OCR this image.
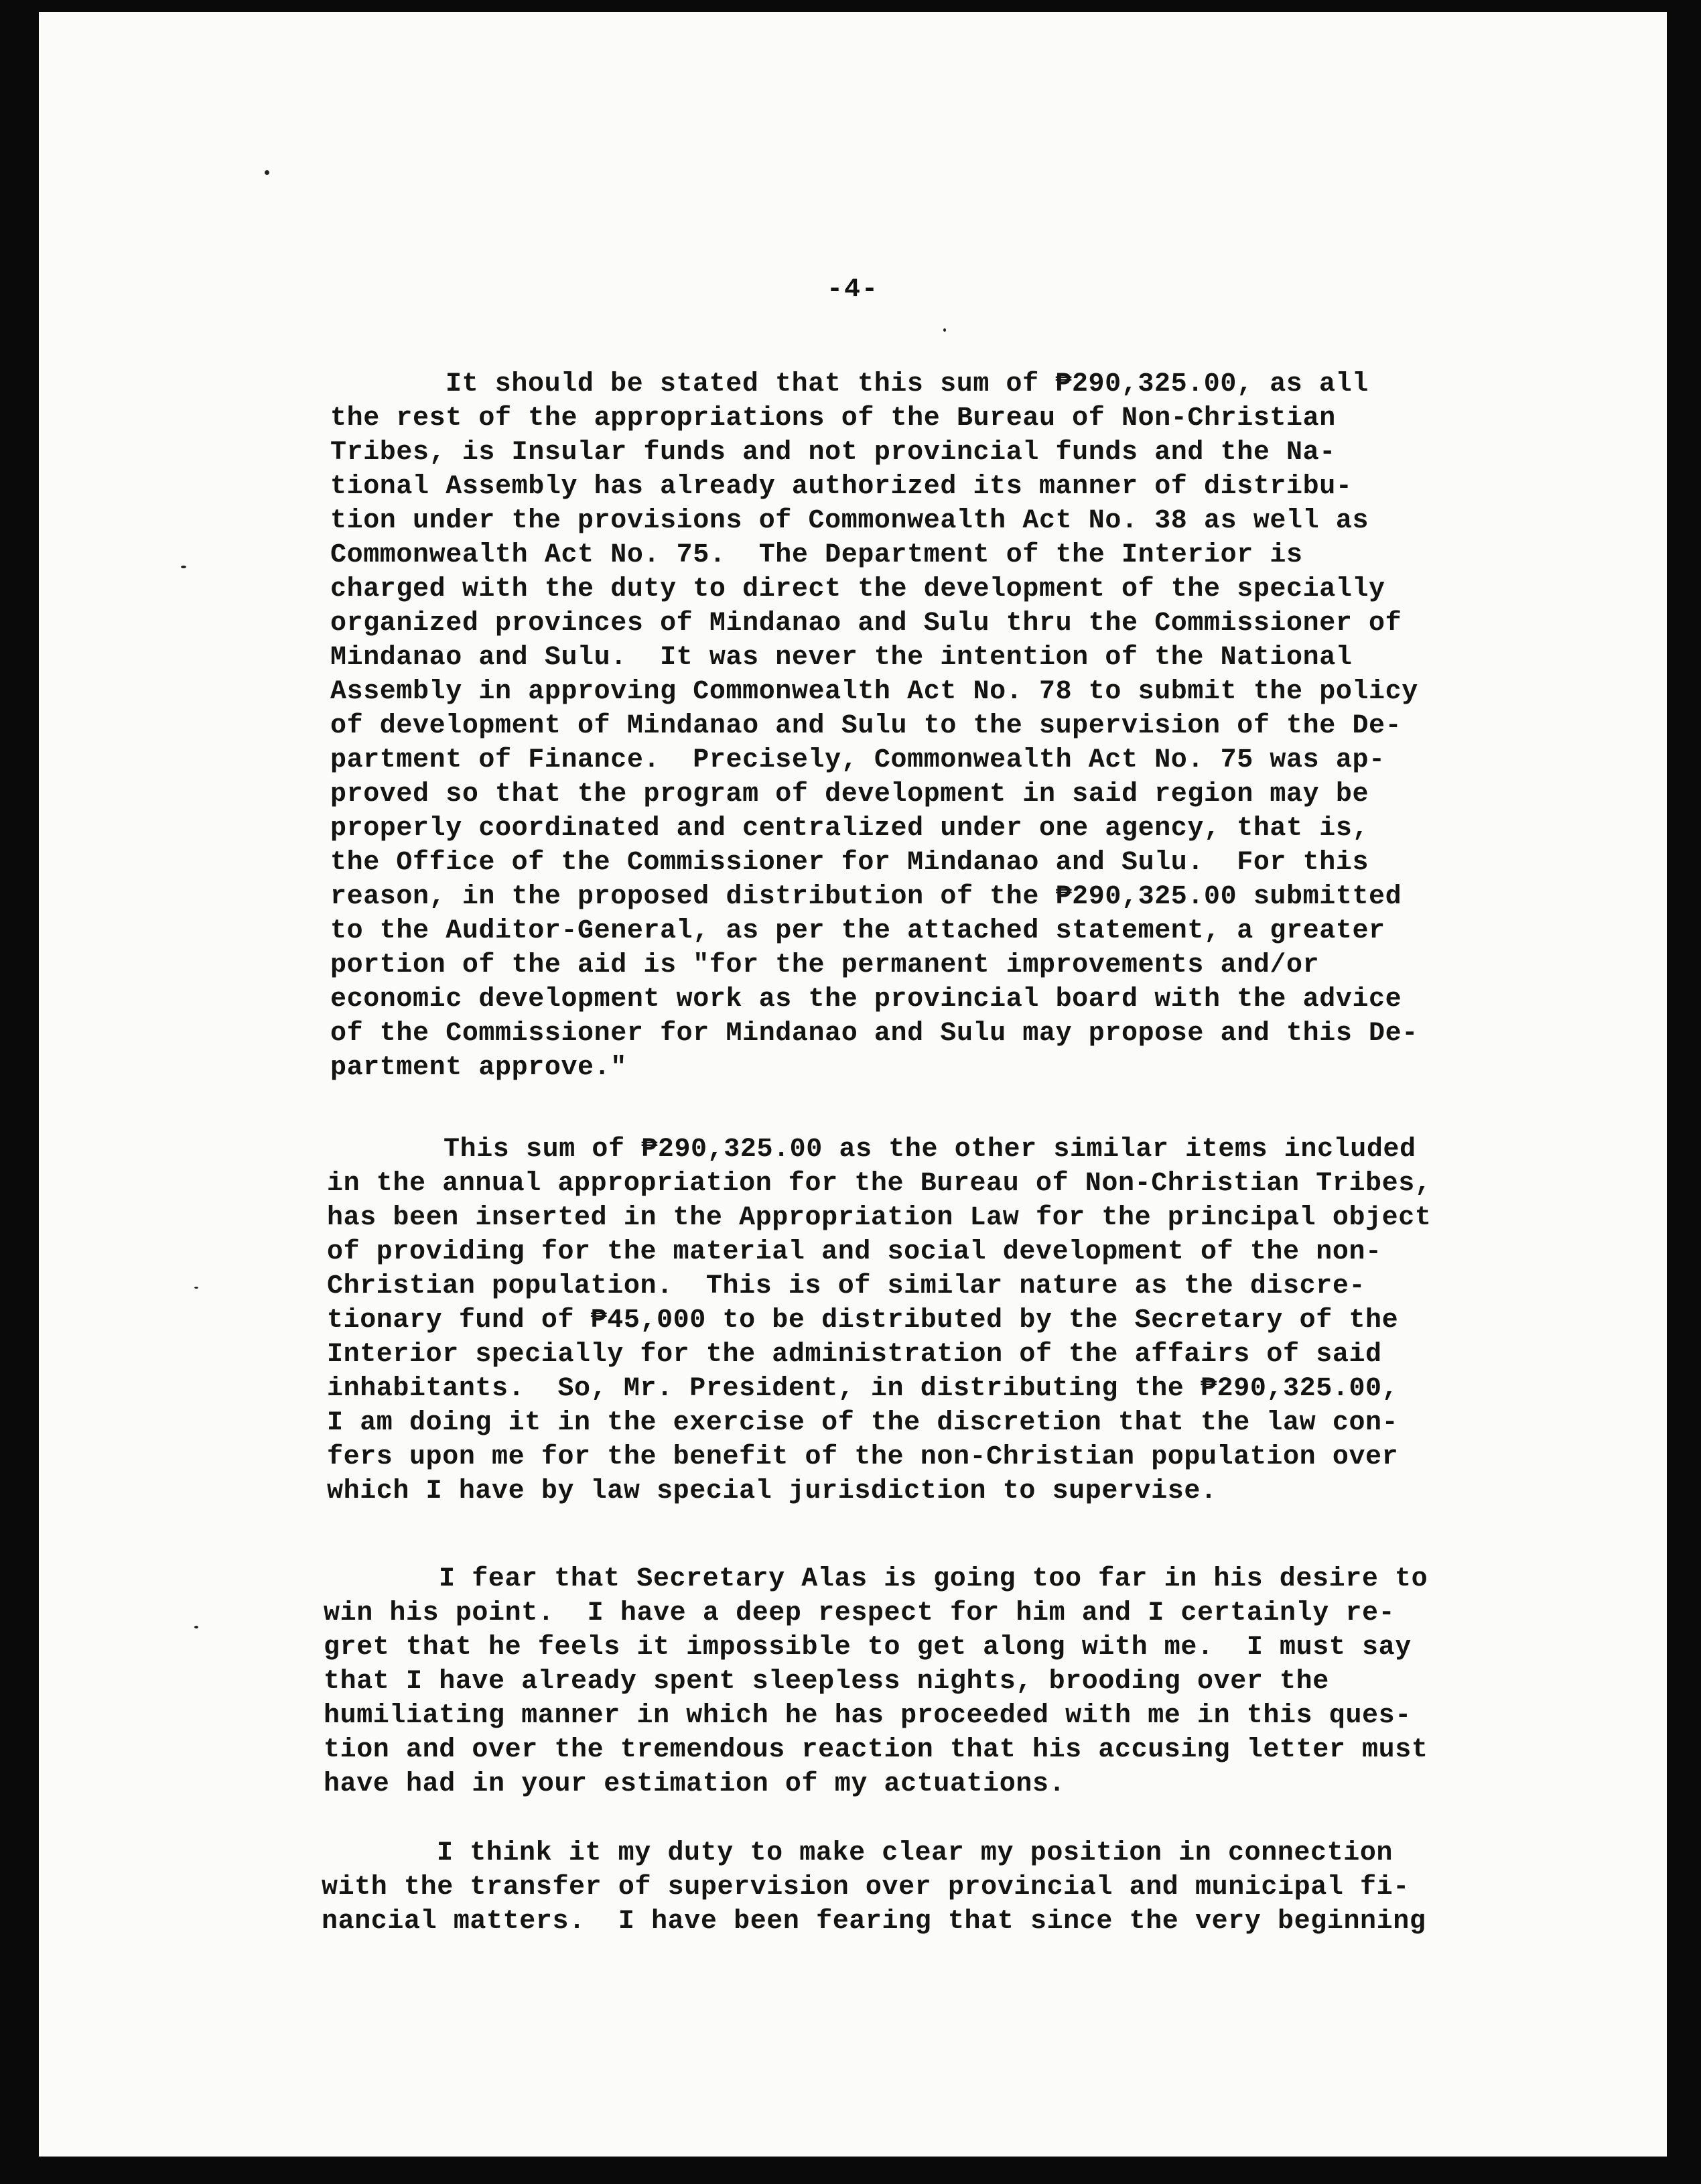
-4-
It should be stated that this sum of ₱290,325.00, as all
the rest of the appropriations of the Bureau of Non-Christian
Tribes, is Insular funds and not provincial funds and the Na-
tional Assembly has already authorized its manner of distribu-
tion under the provisions of Commonwealth Act No. 38 as well as
Commonwealth Act No. 75.  The Department of the Interior is
charged with the duty to direct the development of the specially
organized provinces of Mindanao and Sulu thru the Commissioner of
Mindanao and Sulu.  It was never the intention of the National
Assembly in approving Commonwealth Act No. 78 to submit the policy
of development of Mindanao and Sulu to the supervision of the De-
partment of Finance.  Precisely, Commonwealth Act No. 75 was ap-
proved so that the program of development in said region may be
properly coordinated and centralized under one agency, that is,
the Office of the Commissioner for Mindanao and Sulu.  For this
reason, in the proposed distribution of the ₱290,325.00 submitted
to the Auditor-General, as per the attached statement, a greater
portion of the aid is "for the permanent improvements and/or
economic development work as the provincial board with the advice
of the Commissioner for Mindanao and Sulu may propose and this De-
partment approve."
This sum of ₱290,325.00 as the other similar items included
in the annual appropriation for the Bureau of Non-Christian Tribes,
has been inserted in the Appropriation Law for the principal object
of providing for the material and social development of the non-
Christian population.  This is of similar nature as the discre-
tionary fund of ₱45,000 to be distributed by the Secretary of the
Interior specially for the administration of the affairs of said
inhabitants.  So, Mr. President, in distributing the ₱290,325.00,
I am doing it in the exercise of the discretion that the law con-
fers upon me for the benefit of the non-Christian population over
which I have by law special jurisdiction to supervise.
I fear that Secretary Alas is going too far in his desire to
win his point.  I have a deep respect for him and I certainly re-
gret that he feels it impossible to get along with me.  I must say
that I have already spent sleepless nights, brooding over the
humiliating manner in which he has proceeded with me in this ques-
tion and over the tremendous reaction that his accusing letter must
have had in your estimation of my actuations.
I think it my duty to make clear my position in connection
with the transfer of supervision over provincial and municipal fi-
nancial matters.  I have been fearing that since the very beginning
